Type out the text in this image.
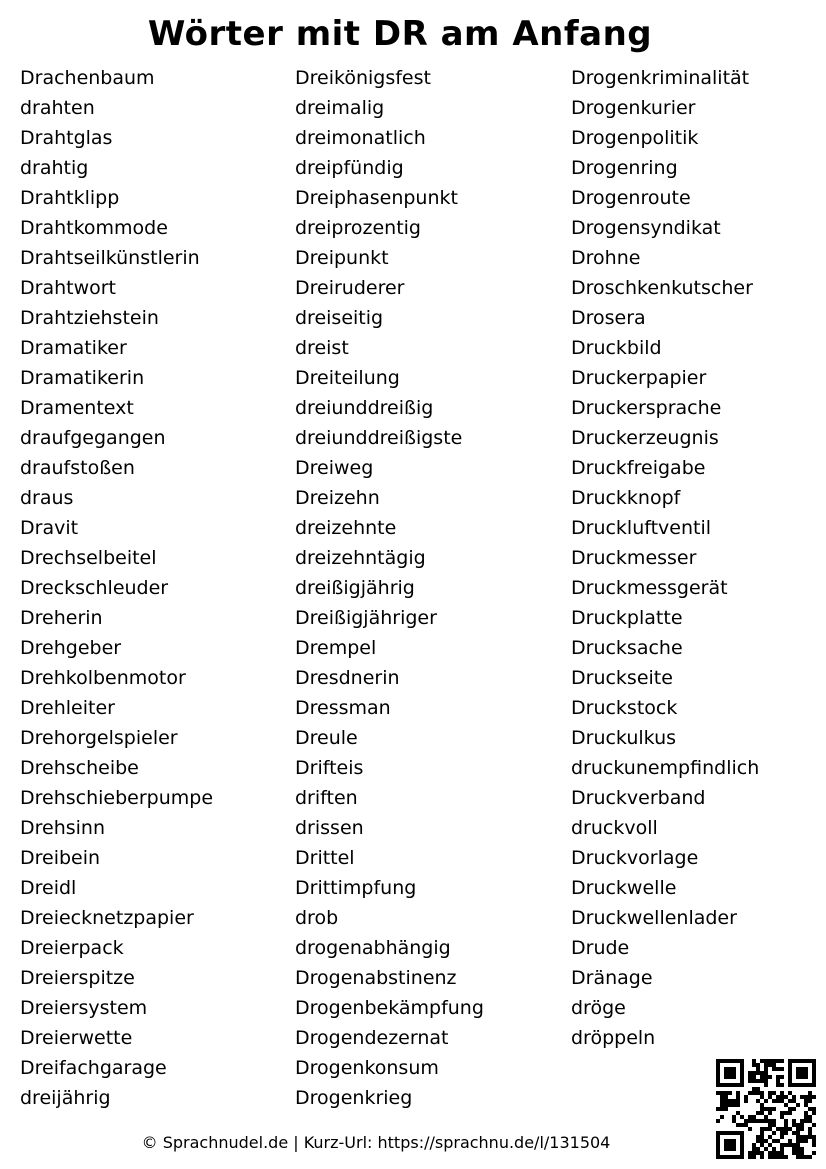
Wörter mit DR am Anfang
Drachenbaum
drahten
Drahtglas
drahtig
Drahtklipp
Drahtkommode
Drahtseilkünstlerin
Drahtwort
Drahtziehstein
Dramatiker
Dramatikerin
Dramentext
draufgegangen
draufstoßen
draus
Dravit
Drechselbeitel
Dreckschleuder
Dreherin
Drehgeber
Drehkolbenmotor
Drehleiter
Drehorgelspieler
Drehscheibe
Drehschieberpumpe
Drehsinn
Dreibein
Dreidl
Dreiecknetzpapier
Dreierpack
Dreierspitze
Dreiersystem
Dreierwette
Dreifachgarage
dreijährig
Dreikönigsfest
dreimalig
dreimonatlich
dreipfündig
Dreiphasenpunkt
dreiprozentig
Dreipunkt
Dreiruderer
dreiseitig
dreist
Dreiteilung
dreiunddreißig
dreiunddreißigste
Dreiweg
Dreizehn
dreizehnte
dreizehntägig
dreißigjährig
Dreißigjähriger
Drempel
Dresdnerin
Dressman
Dreule
Drifteis
driften
drissen
Drittel
Drittimpfung
drob
drogenabhängig
Drogenabstinenz
Drogenbekämpfung
Drogendezernat
Drogenkonsum
Drogenkrieg
Drogenkriminalität
Drogenkurier
Drogenpolitik
Drogenring
Drogenroute
Drogensyndikat
Drohne
Droschkenkutscher
Drosera
Druckbild
Druckerpapier
Druckersprache
Druckerzeugnis
Druckfreigabe
Druckknopf
Druckluftventil
Druckmesser
Druckmessgerät
Druckplatte
Drucksache
Druckseite
Druckstock
Druckulkus
druckunempfindlich
Druckverband
druckvoll
Druckvorlage
Druckwelle
Druckwellenlader
Drude
Dränage
dröge
dröppeln
© Sprachnudel.de | Kurz-Url: https://sprachnu.de/l/131504
